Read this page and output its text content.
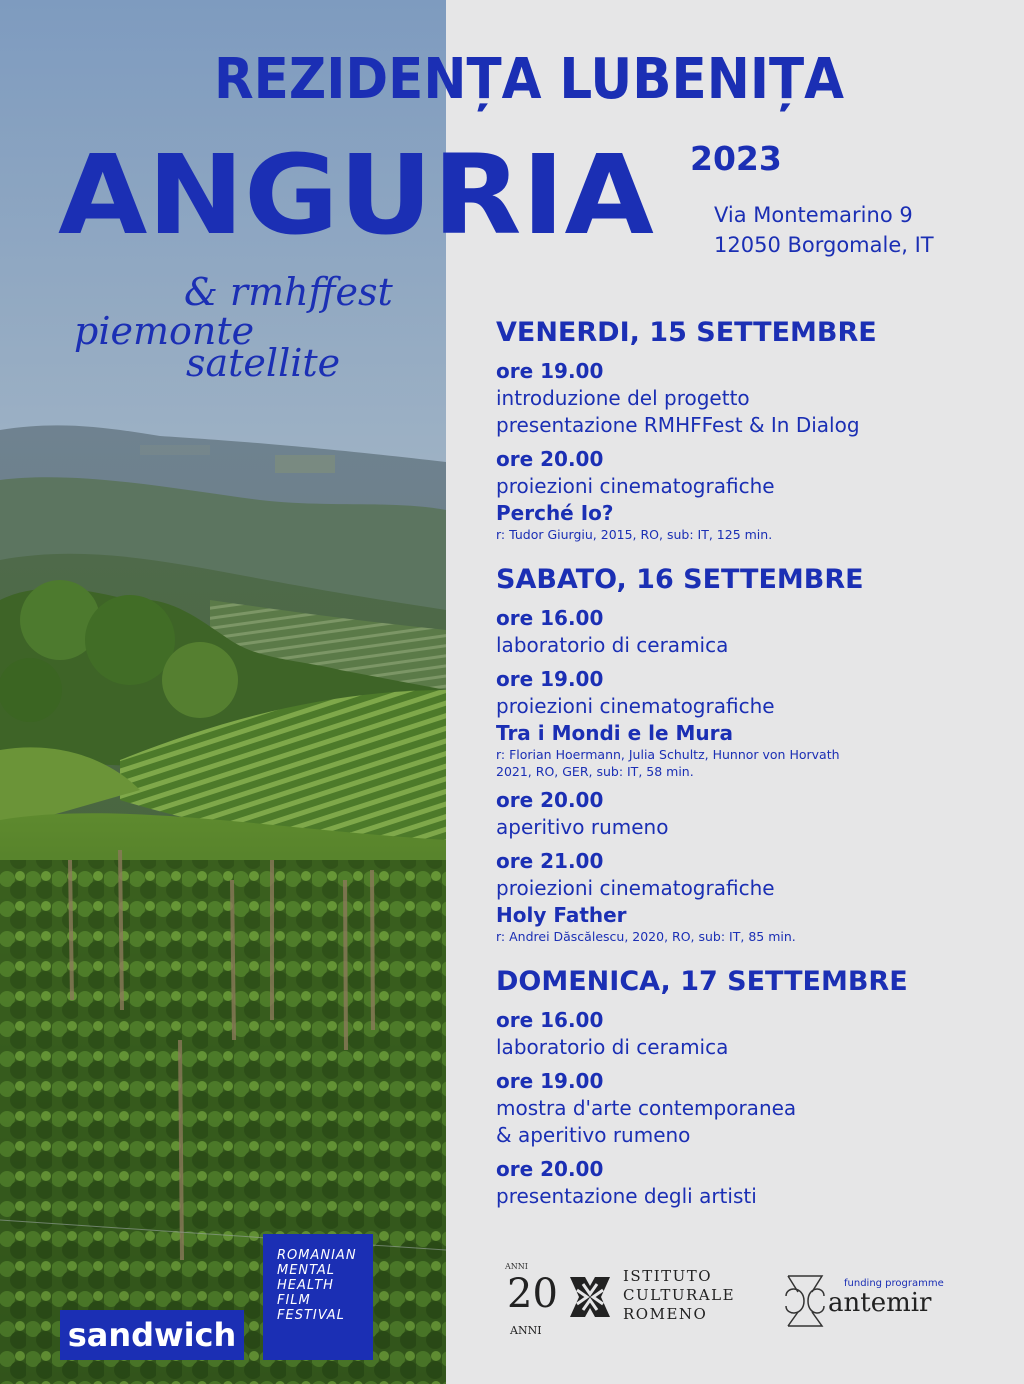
REZIDENȚA LUBENIȚA
ANGURIA 2023
Via Montemarino 9
12050 Borgomale, IT
& rmhffest
piemonte
satellite
VENERDI, 15 SETTEMBRE
ore 19.00
introduzione del progetto
presentazione RMHFFest & In Dialog
ore 20.00
proiezioni cinematografiche
Perché Io?
r: Tudor Giurgiu, 2015, RO, sub: IT, 125 min.
SABATO, 16 SETTEMBRE
ore 16.00
laboratorio di ceramica
ore 19.00
proiezioni cinematografiche
Tra i Mondi e le Mura
r: Florian Hoermann, Julia Schultz, Hunnor von Horvath
2021, RO, GER, sub: IT, 58 min.
ore 20.00
aperitivo rumeno
ore 21.00
proiezioni cinematografiche
Holy Father
r: Andrei Dăscălescu, 2020, RO, sub: IT, 85 min.
DOMENICA, 17 SETTEMBRE
ore 16.00
laboratorio di ceramica
ore 19.00
mostra d'arte contemporanea
& aperitivo rumeno
ore 20.00
presentazione degli artisti
sandwich
ROMANIAN
MENTAL
HEALTH
FILM
FESTIVAL
ANNI
20
ANNI
ISTITUTO
CULTURALE
ROMENO
funding programme
antemir
